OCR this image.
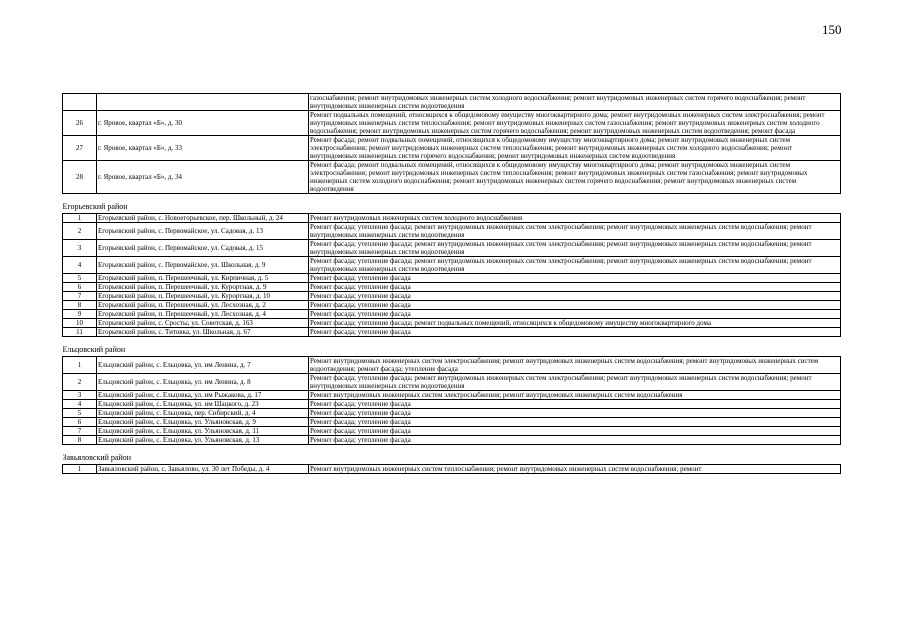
150
		газоснабжения; ремонт внутридомовых инженерных систем холодного водоснабжения; ремонт внутридомовых инженерных систем горячего водоснабжения; ремонт внутридомовых инженерных систем водоотведения
26	г. Яровое, квартал «Б», д. 30	Ремонт подвальных помещений, относящихся к общедомовому имуществу многоквартирного дома; ремонт внутридомовых инженерных систем электроснабжения; ремонт внутридомовых инженерных систем теплоснабжения; ремонт внутридомовых инженерных систем газоснабжения; ремонт внутридомовых инженерных систем холодного водоснабжения; ремонт внутридомовых инженерных систем горячего водоснабжения; ремонт внутридомовых инженерных систем водоотведения; ремонт фасада
27	г. Яровое, квартал «Б», д. 33	Ремонт фасада; ремонт подвальных помещений, относящихся к общедомовому имуществу многоквартирного дома; ремонт внутридомовых инженерных систем электроснабжения; ремонт внутридомовых инженерных систем теплоснабжения; ремонт внутридомовых инженерных систем холодного водоснабжения; ремонт внутридомовых инженерных систем горячего водоснабжения; ремонт внутридомовых инженерных систем водоотведения
28	г. Яровое, квартал «Б», д. 34	Ремонт фасада; ремонт подвальных помещений, относящихся к общедомовому имуществу многоквартирного дома; ремонт внутридомовых инженерных систем электроснабжения; ремонт внутридомовых инженерных систем теплоснабжения; ремонт внутридомовых инженерных систем газоснабжения; ремонт внутридомовых инженерных систем холодного водоснабжения; ремонт внутридомовых инженерных систем горячего водоснабжения; ремонт внутридомовых инженерных систем водоотведения
Егорьевский район		
1	Егорьевский район, с. Новоегорьевское, пер. Школьный, д. 24	Ремонт внутридомовых инженерных систем холодного водоснабжения
2	Егорьевский район, с. Первомайское, ул. Садовая, д. 13	Ремонт фасада; утепление фасада; ремонт внутридомовых инженерных систем электроснабжения; ремонт внутридомовых инженерных систем водоснабжения; ремонт внутридомовых инженерных систем водоотведения
3	Егорьевский район, с. Первомайское, ул. Садовая, д. 15	Ремонт фасада; утепление фасада; ремонт внутридомовых инженерных систем электроснабжения; ремонт внутридомовых инженерных систем водоснабжения; ремонт внутридомовых инженерных систем водоотведения
4	Егорьевский район, с. Первомайское, ул. Школьная, д. 9	Ремонт фасада; утепление фасада; ремонт внутридомовых инженерных систем электроснабжения; ремонт внутридомовых инженерных систем водоснабжения; ремонт внутридомовых инженерных систем водоотведения
5	Егорьевский район, п. Перешеечный, ул. Кирпичная, д. 5	Ремонт фасада; утепление фасада
6	Егорьевский район, п. Перешеечный, ул. Курортная, д. 9	Ремонт фасада; утепление фасада
7	Егорьевский район, п. Перешеечный, ул. Курортная, д. 10	Ремонт фасада; утепление фасада
8	Егорьевский район, п. Перешеечный, ул. Лесхозная, д. 2	Ремонт фасада; утепление фасада
9	Егорьевский район, п. Перешеечный, ул. Лесхозная, д. 4	Ремонт фасада; утепление фасада
10	Егорьевский район, с. Сросты, ул. Советская, д. 163	Ремонт фасада; утепление фасада; ремонт подвальных помещений, относящихся к общедомовому имуществу многоквартирного дома
11	Егорьевский район, с. Титовка, ул. Школьная, д. 67	Ремонт фасада; утепление фасада
Ельцовский район		
1	Ельцовский район, с. Ельцовка, ул. им Ленина, д. 7	Ремонт внутридомовых инженерных систем электроснабжения; ремонт внутридомовых инженерных систем водоснабжения; ремонт внутридомовых инженерных систем водоотведения; ремонт фасада; утепление фасада
2	Ельцовский район, с. Ельцовка, ул. им Ленина, д. 8	Ремонт фасада; утепление фасада; ремонт внутридомовых инженерных систем электроснабжения; ремонт внутридомовых инженерных систем водоснабжения; ремонт внутридомовых инженерных систем водоотведения
3	Ельцовский район, с. Ельцовка, ул. им Рыжакова, д. 17	Ремонт внутридомовых инженерных систем электроснабжения; ремонт внутридомовых инженерных систем водоснабжения
4	Ельцовский район, с. Ельцовка, ул. им Шацкого, д. 23	Ремонт фасада; утепление фасада
5	Ельцовский район, с. Ельцовка, пер. Сибирский, д. 4	Ремонт фасада; утепление фасада
6	Ельцовский район, с. Ельцовка, ул. Ульяновская, д. 9	Ремонт фасада; утепление фасада
7	Ельцовский район, с. Ельцовка, ул. Ульяновская, д. 11	Ремонт фасада; утепление фасада
8	Ельцовский район, с. Ельцовка, ул. Ульяновская, д. 13	Ремонт фасада; утепление фасада
Завьяловский район		
1	Завьяловский район, с. Завьялово, ул. 30 лет Победы, д. 4	Ремонт внутридомовых инженерных систем теплоснабжения; ремонт внутридомовых инженерных систем водоснабжения; ремонт
